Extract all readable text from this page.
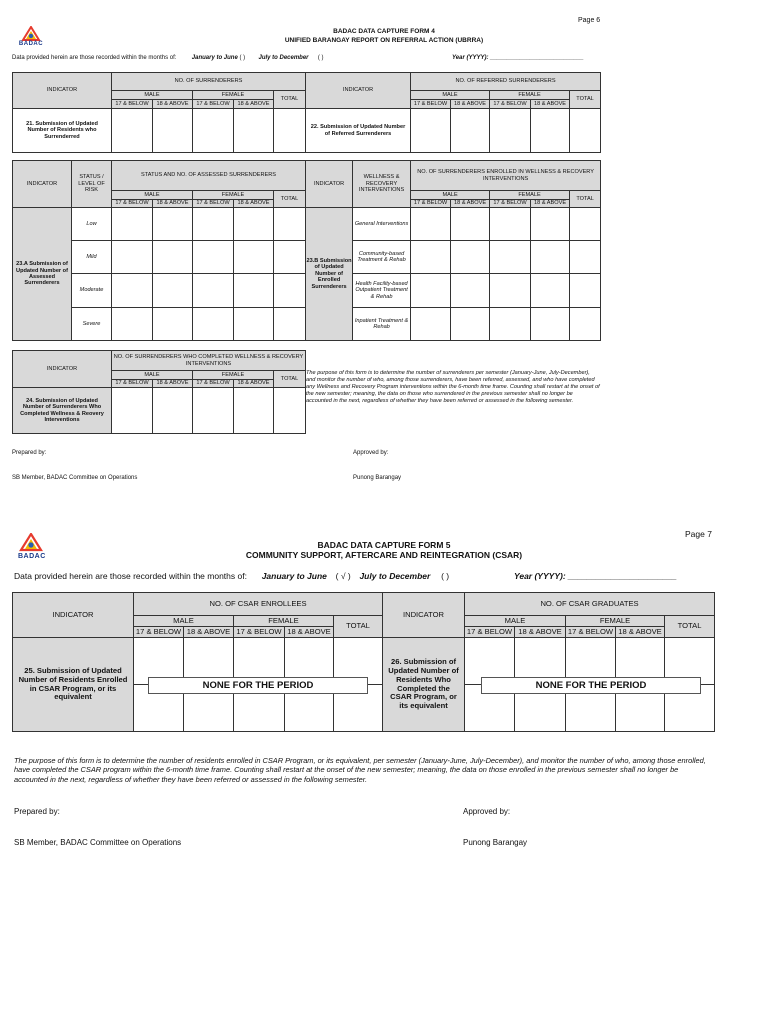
BADAC
Page 6
BADAC DATA CAPTURE FORM 4
UNIFIED BARANGAY REPORT ON REFERRAL ACTION (UBRRA)
Data provided herein are those recorded within the months of:	January to June ( ) July to December ( )	Year (YYYY): ____________________________
INDICATOR	NO. OF SURRENDERERS					INDICATOR	NO. OF REFERRED SURRENDERERS				
	MALE		FEMALE		TOTAL		MALE		FEMALE		TOTAL
	17 & BELOW	18 & ABOVE	17 & BELOW	18 & ABOVE			17 & BELOW	18 & ABOVE	17 & BELOW	18 & ABOVE	
21. Submission of Updated Number of Residents who Surrenderred						22. Submission of Updated Number of Referred Surrenderers					
INDICATOR	STATUS / LEVEL OF RISK	STATUS AND NO. OF ASSESSED SURRENDERERS					INDICATOR	WELLNESS & RECOVERY INTERVENTIONS	NO. OF SURRENDERERS ENROLLED IN WELLNESS & RECOVERY INTERVENTIONS				
		MALE		FEMALE		TOTAL			MALE		FEMALE		TOTAL
		17 & BELOW	18 & ABOVE	17 & BELOW	18 & ABOVE				17 & BELOW	18 & ABOVE	17 & BELOW	18 & ABOVE	
23.A Submission of Updated Number of Assessed Surrenderers	Low						23.B Submission of Updated Number of Enrolled Surrenderers	General Interventions					
	Mild							Community-based Treatment & Rehab					
	Moderate							Health Facility-based Outpatient Treatment & Rehab					
	Severe							Inpatient Treatment & Rehab					
INDICATOR	NO. OF SURRENDERERS WHO COMPLETED WELLNESS & RECOVERY INTERVENTIONS				
	MALE		FEMALE		TOTAL
	17 & BELOW	18 & ABOVE	17 & BELOW	18 & ABOVE	
24. Submission of Updated Number of Surrenderers Who Completed Wellness & Reovery Interventions					
The purpose of this form is to determine the number of surrenderers per semester (January-June, July-December), and monitor the number of who, among those surrenderers, have been referred, assessed, and who have completed any Wellness and Recovery Program interventions within the 6-month time frame. Counting shall restart at the onset of the new semester; meaning, the data on those who surrendered in the previous semester shall no longer be accounted in the next, regardless of whether they have been referred or assessed in the following semester.
Prepared by:	Approved by:
SB Member, BADAC Committee on Operations	Punong Barangay
BADAC
Page 7
BADAC DATA CAPTURE FORM 5
COMMUNITY SUPPORT, AFTERCARE AND REINTEGRATION (CSAR)
Data provided herein are those recorded within the months of: January to June ( √ ) July to December ( )	Year (YYYY): _______________________
INDICATOR	NO. OF CSAR ENROLLEES					INDICATOR	NO. OF CSAR GRADUATES				
	MALE		FEMALE		TOTAL		MALE		FEMALE		TOTAL
	17 & BELOW	18 & ABOVE	17 & BELOW	18 & ABOVE			17 & BELOW	18 & ABOVE	17 & BELOW	18 & ABOVE	
25. Submission of Updated Number of Residents Enrolled in CSAR Program, or its equivalent						26. Submission of Updated Number of Residents Who Completed the CSAR Program, or its equivalent					

NONE FOR THE PERIOD	NONE FOR THE PERIOD
The purpose of this form is to determine the number of residents enrolled in CSAR Program, or its equivalent, per semester (January-June, July-December), and monitor the number of who, among those enrolled, have completed the CSAR program within the 6-month time frame. Counting shall restart at the onset of the new semester; meaning, the data on those enrolled in the previous semester shall no longer be accounted in the next, regardless of whether they have been referred or assessed in the following semester.
Prepared by:	Approved by:
SB Member, BADAC Committee on Operations	Punong Barangay
